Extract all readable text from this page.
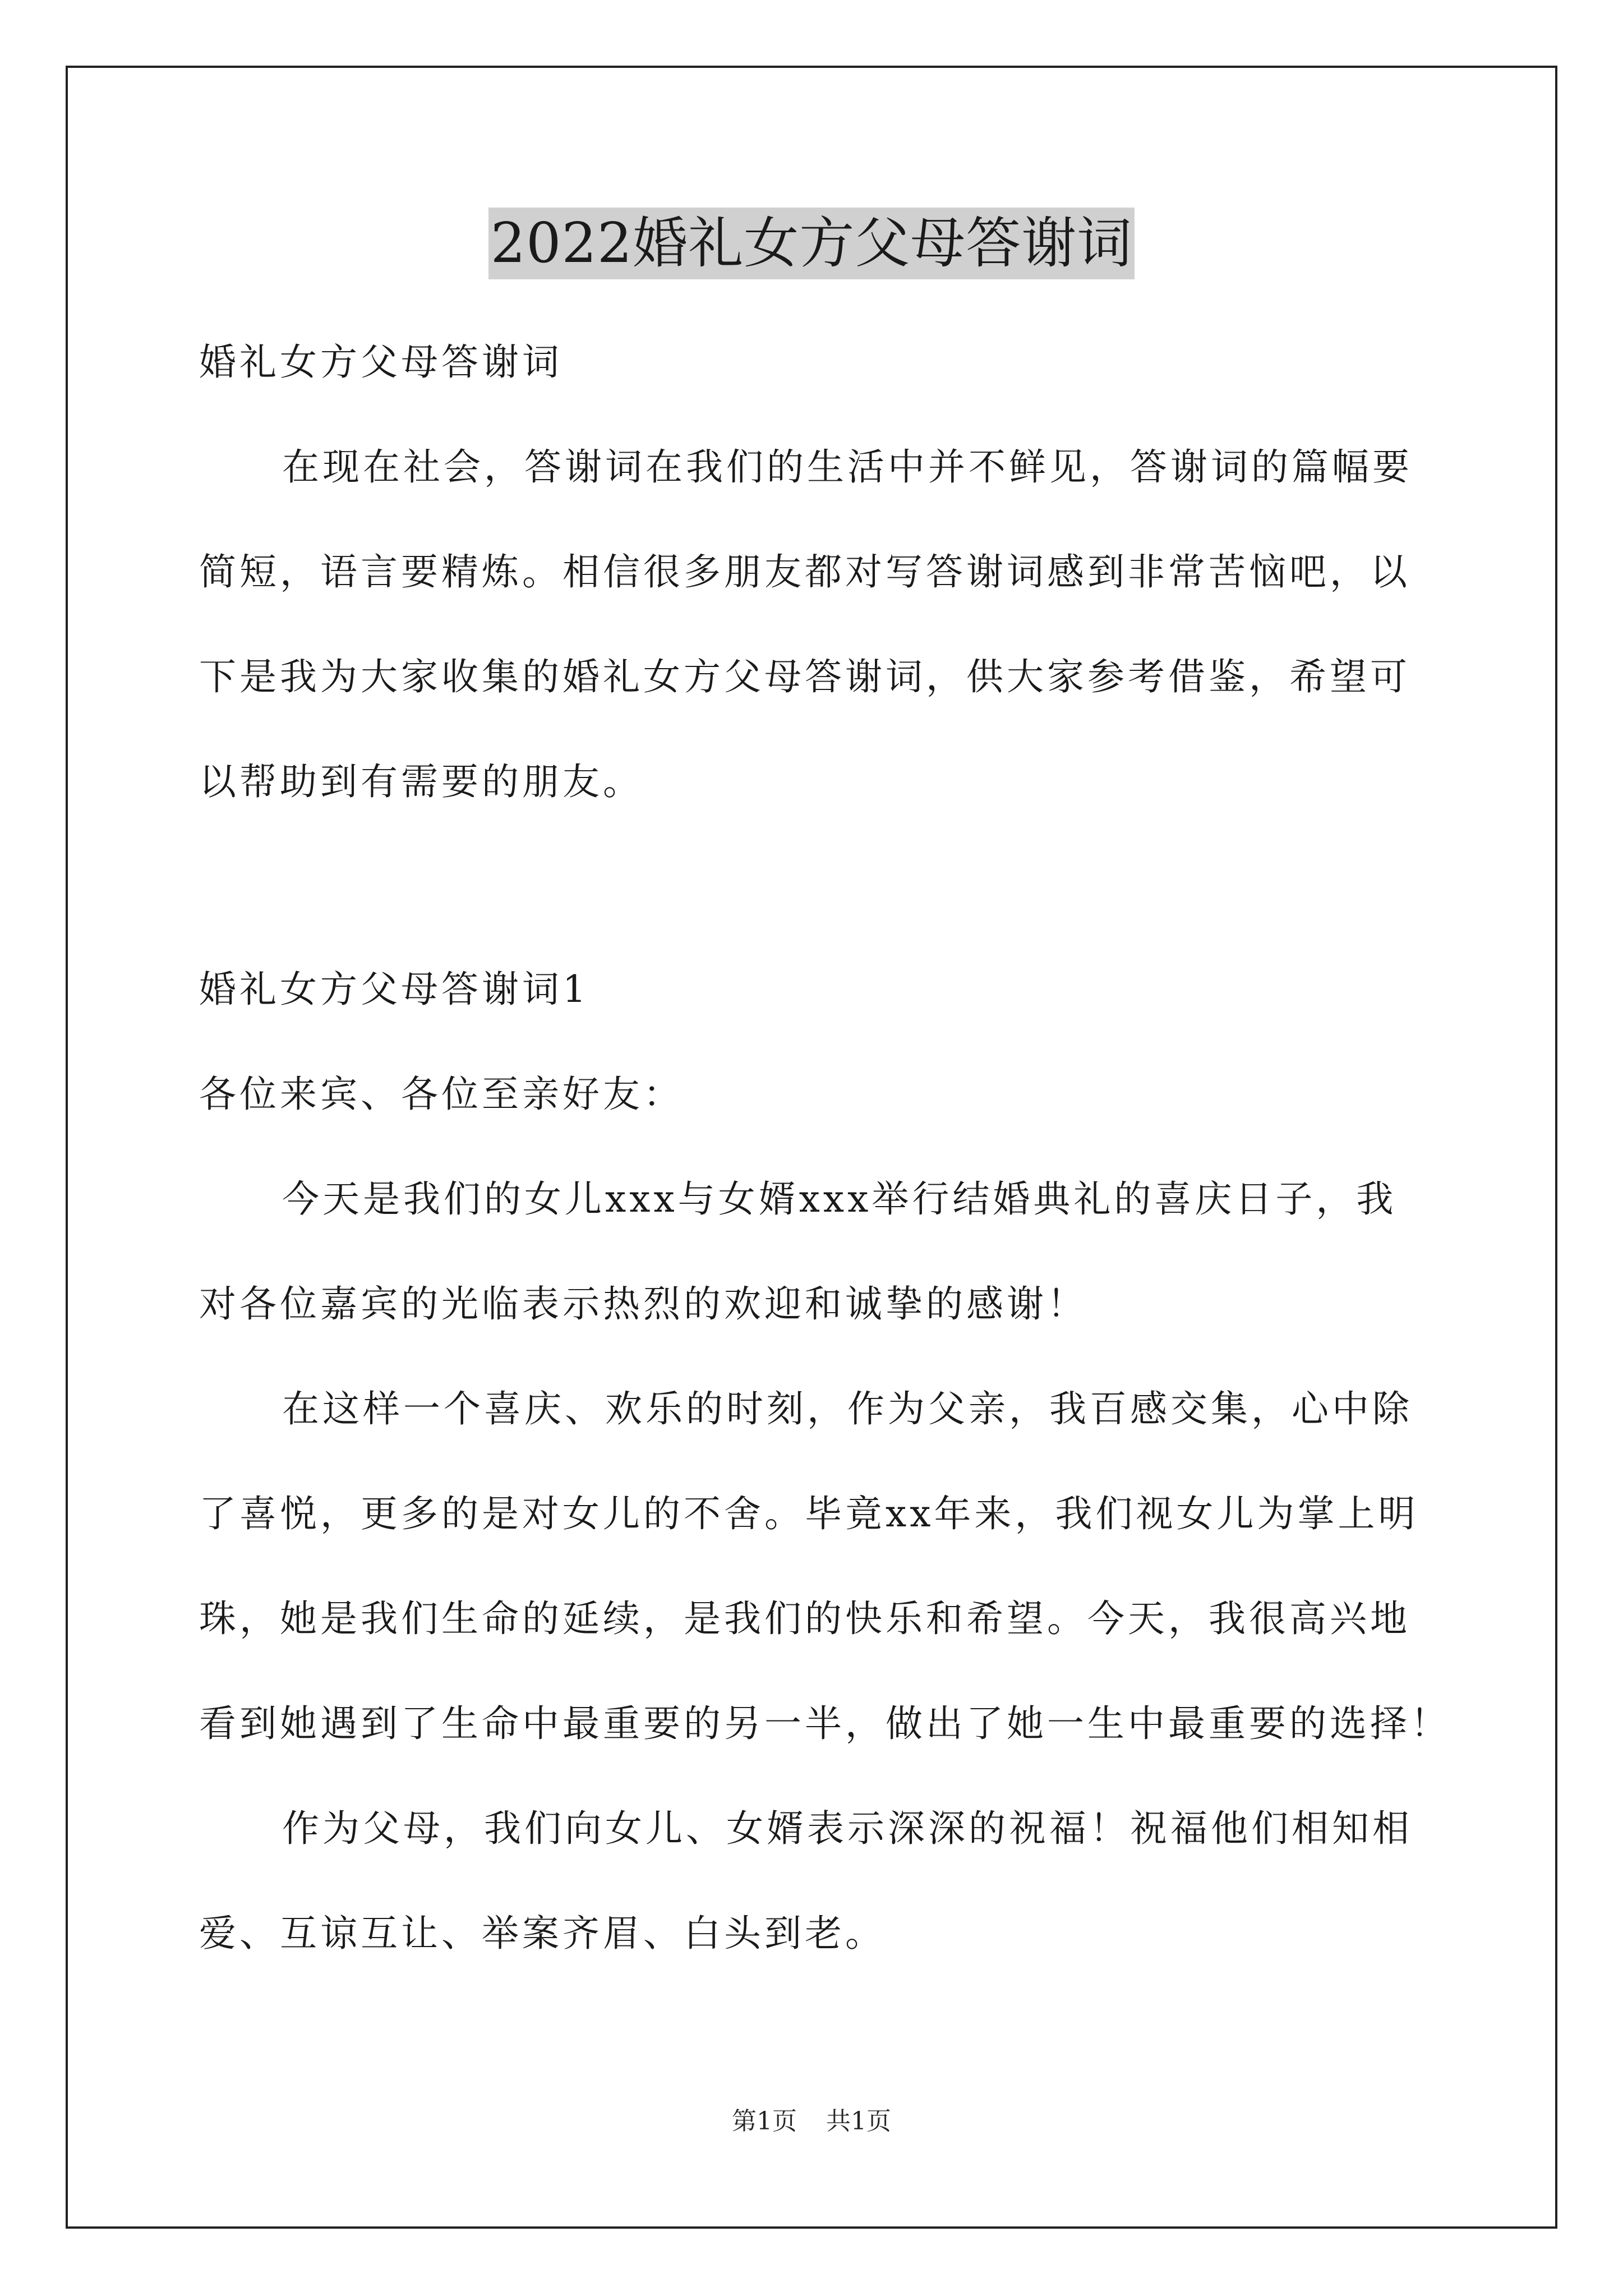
2022婚礼女方父母答谢词

婚礼女方父母答谢词

在现在社会，答谢词在我们的生活中并不鲜见，答谢词的篇幅要

简短，语言要精炼。相信很多朋友都对写答谢词感到非常苦恼吧，以

下是我为大家收集的婚礼女方父母答谢词，供大家参考借鉴，希望可

以帮助到有需要的朋友。

婚礼女方父母答谢词1

各位来宾、各位至亲好友：

今天是我们的女儿xxx与女婿xxx举行结婚典礼的喜庆日子，我

对各位嘉宾的光临表示热烈的欢迎和诚挚的感谢！

在这样一个喜庆、欢乐的时刻，作为父亲，我百感交集，心中除

了喜悦，更多的是对女儿的不舍。毕竟xx年来，我们视女儿为掌上明

珠，她是我们生命的延续，是我们的快乐和希望。今天，我很高兴地

看到她遇到了生命中最重要的另一半，做出了她一生中最重要的选择！

作为父母，我们向女儿、女婿表示深深的祝福！祝福他们相知相

爱、互谅互让、举案齐眉、白头到老。

第1页 共1页
